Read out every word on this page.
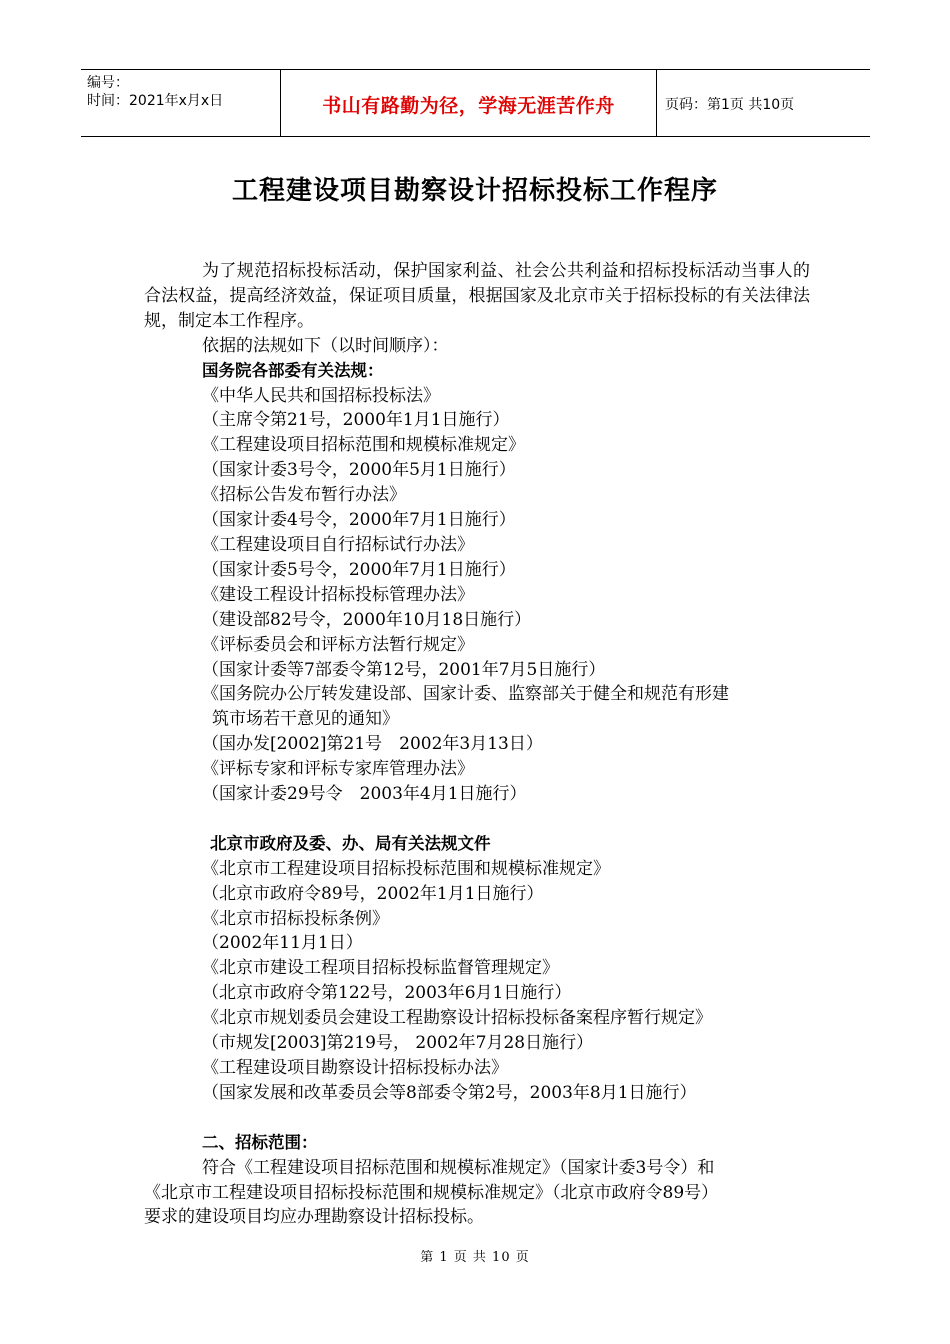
编号：
时间：2021年x月x日	书山有路勤为径，学海无涯苦作舟	页码：第1页 共10页
工程建设项目勘察设计招标投标工作程序

为了规范招标投标活动，保护国家利益、社会公共利益和招标投标活动当事人的合法权益，提高经济效益，保证项目质量，根据国家及北京市关于招标投标的有关法律法规，制定本工作程序。

依据的法规如下（以时间顺序）：

国务院各部委有关法规：

《中华人民共和国招标投标法》

（主席令第21号，2000年1月1日施行）

《工程建设项目招标范围和规模标准规定》

（国家计委3号令，2000年5月1日施行）

《招标公告发布暂行办法》

（国家计委4号令，2000年7月1日施行）

《工程建设项目自行招标试行办法》

（国家计委5号令，2000年7月1日施行）

《建设工程设计招标投标管理办法》

（建设部82号令，2000年10月18日施行）

《评标委员会和评标方法暂行规定》

（国家计委等7部委令第12号，2001年7月5日施行）

《国务院办公厅转发建设部、国家计委、监察部关于健全和规范有形建

筑市场若干意见的通知》

（国办发[2002]第21号　2002年3月13日）

《评标专家和评标专家库管理办法》

（国家计委29号令　2003年4月1日施行）

北京市政府及委、办、局有关法规文件

《北京市工程建设项目招标投标范围和规模标准规定》

（北京市政府令89号，2002年1月1日施行）

《北京市招标投标条例》

（2002年11月1日）

《北京市建设工程项目招标投标监督管理规定》

（北京市政府令第122号，2003年6月1日施行）

《北京市规划委员会建设工程勘察设计招标投标备案程序暂行规定》

（市规发[2003]第219号， 2002年7月28日施行）

《工程建设项目勘察设计招标投标办法》

（国家发展和改革委员会等8部委令第2号，2003年8月1日施行）

二、招标范围：

符合《工程建设项目招标范围和规模标准规定》（国家计委3号令）和

《北京市工程建设项目招标投标范围和规模标准规定》（北京市政府令89号）

要求的建设项目均应办理勘察设计招标投标。

第 1 页 共 10 页
